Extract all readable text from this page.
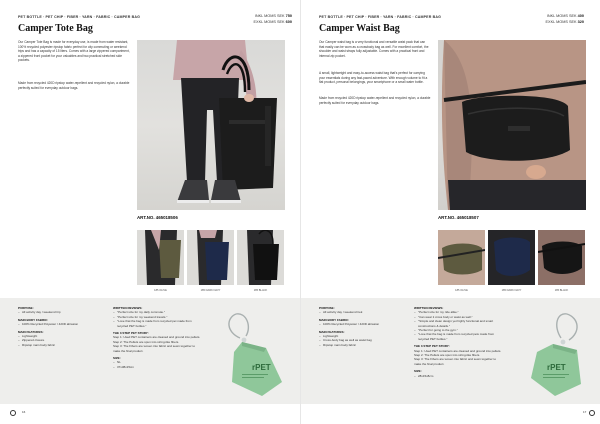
PET BOTTLE · PET CHIP · FIBER · YARN · FABRIC · CAMPER BAG	INKL MOMS SEK 750
EXKL MOMS SEK 600
Camper Tote Bag

Our Camper Tote Bag is made for everyday use, is made from water resistant, 100% recycled polyester ripstop fabric perfect for city commuting or weekend trips and has a capacity of 15 liters. Comes with a large zippered compartment, a zippered front pocket for your valuables and two practical stretched side pockets.

Made from recycled 420D ripstop water-repellent and recycled nylon, a durable perfectly suited for everyday outdoor bags.

ART.NO. 465018506
185 OLIVE	185 DARK NAVY	185 BLACK
PURPOSE:
– All activity day / weekend trip
MAIN BODY FABRIC:
– 100% Recycled Polyester / 420D abrasion
MAIN FEATURES:
– Lightweight
– Zippered closure
– Ripstop main body fabric
WRITTEN REVIEWS:
– "Perfect size for my daily commute."
– "Perfect size for my weekend travels."
– "Love that the bag is made from recycled pet made from recycled PET bottles."
THE 3 STEP PET STORY:
Step 1: Used PET containers are cleaned and ground into pellets.
Step 2: The Pellets are spun into string-like fibers.
Step 3: The Fibers are woven into fabric and sewn together to make the final product.
SIZE:
– NL
– 37x38x15cm	rPET
16
PET BOTTLE · PET CHIP · FIBER · YARN · FABRIC · CAMPER BAG	INKL MOMS SEK 400
EXKL MOMS SEK 320
Camper Waist Bag

Our Camper waist bag is a very functional and versatile waist pack that can that easily can be worn as a crossbody bag as well. For excellent comfort, the shoulder and waist straps fully adjustable. Comes with a practical front and internal zip pocket.

A small, lightweight and easy-to-access waist bag that's perfect for carrying your essentials during any fast-paced adventure. With enough volume to fit a flat product, personal belongings, your smartphone or a small water bottle.

Made from recycled 420D ripstop water-repellent and recycled nylon, a durable perfectly suited for everyday outdoor bags.

ART.NO. 465018507
185 OLIVE	185 DARK NAVY	185 BLACK
PURPOSE:
– All activity day / weekend trek
MAIN BODY FABRIC:
– 100% Recycled Polyester / 420D abrasion
MAIN FEATURES:
– Lightweight
– Cross-body bag as well as waist bag
– Ripstop main body fabric
WRITTEN REVIEWS:
– "Perfect size for my ride alike."
– "Can wear it cross body or waist as well."
– "Simple and clean design yet highly functional and smart constructions & details."
– "Perfect for going to the gym."
– "Love that the bag is made from recycled pets made from recycled PET bottles."
THE 3 STEP PET STORY:
Step 1: Used PET containers are cleaned and ground into pellets.
Step 2: The Pellets are spun into string-like fibers.
Step 3: The Fibers are woven into fabric and sewn together to make the final product.
SIZE:
– 28x15x8cm
rPET
17
